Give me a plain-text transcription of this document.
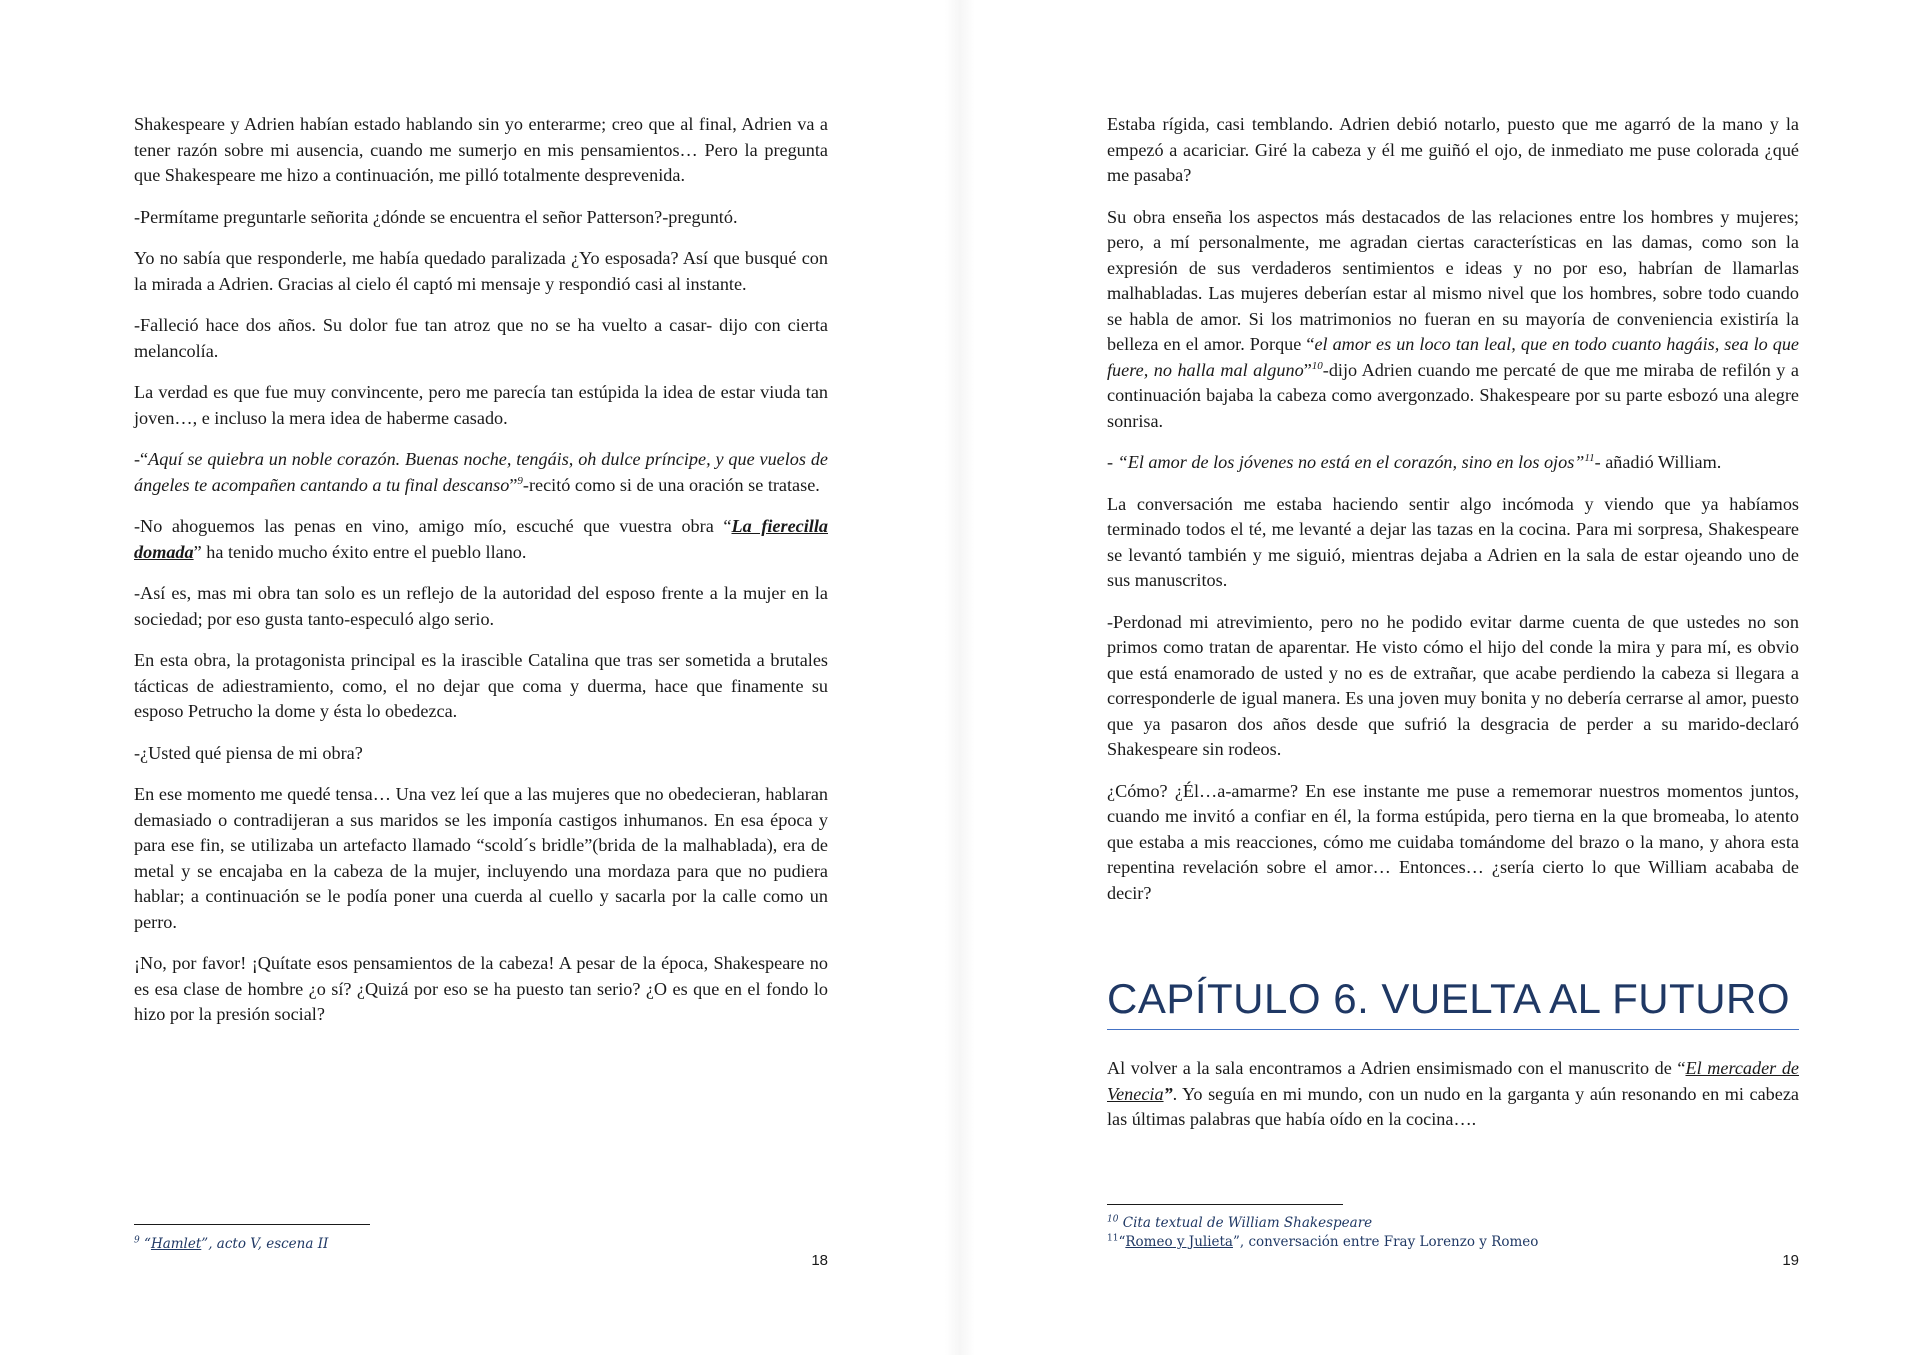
Shakespeare y Adrien habían estado hablando sin yo enterarme; creo que al final, Adrien va a tener razón sobre mi ausencia, cuando me sumerjo en mis pensamientos… Pero la pregunta que Shakespeare me hizo a continuación, me pilló totalmente desprevenida.

-Permítame preguntarle señorita ¿dónde se encuentra el señor Patterson?-preguntó.

Yo no sabía que responderle, me había quedado paralizada ¿Yo esposada? Así que busqué con la mirada a Adrien. Gracias al cielo él captó mi mensaje y respondió casi al instante.

-Falleció hace dos años. Su dolor fue tan atroz que no se ha vuelto a casar- dijo con cierta melancolía.

La verdad es que fue muy convincente, pero me parecía tan estúpida la idea de estar viuda tan joven…, e incluso la mera idea de haberme casado.

-“Aquí se quiebra un noble corazón. Buenas noche, tengáis, oh dulce príncipe, y que vuelos de ángeles te acompañen cantando a tu final descanso”$^9$-recitó como si de una oración se tratase.

-No ahoguemos las penas en vino, amigo mío, escuché que vuestra obra “La fierecilla domada” ha tenido mucho éxito entre el pueblo llano.

-Así es, mas mi obra tan solo es un reflejo de la autoridad del esposo frente a la mujer en la sociedad; por eso gusta tanto-especuló algo serio.

En esta obra, la protagonista principal es la irascible Catalina que tras ser sometida a brutales tácticas de adiestramiento, como, el no dejar que coma y duerma, hace que finamente su esposo Petrucho la dome y ésta lo obedezca.

-¿Usted qué piensa de mi obra?

En ese momento me quedé tensa… Una vez leí que a las mujeres que no obedecieran, hablaran demasiado o contradijeran a sus maridos se les imponía castigos inhumanos. En esa época y para ese fin, se utilizaba un artefacto llamado “scold´s bridle”(brida de la malhablada), era de metal y se encajaba en la cabeza de la mujer, incluyendo una mordaza para que no pudiera hablar; a continuación se le podía poner una cuerda al cuello y sacarla por la calle como un perro.

¡No, por favor! ¡Quítate esos pensamientos de la cabeza! A pesar de la época, Shakespeare no es esa clase de hombre ¿o sí? ¿Quizá por eso se ha puesto tan serio? ¿O es que en el fondo lo hizo por la presión social?

$^9$ “Hamlet”, acto V, escena II
18

Estaba rígida, casi temblando. Adrien debió notarlo, puesto que me agarró de la mano y la empezó a acariciar. Giré la cabeza y él me guiñó el ojo, de inmediato me puse colorada ¿qué me pasaba?

Su obra enseña los aspectos más destacados de las relaciones entre los hombres y mujeres; pero, a mí personalmente, me agradan ciertas características en las damas, como son la expresión de sus verdaderos sentimientos e ideas y no por eso, habrían de llamarlas malhabladas. Las mujeres deberían estar al mismo nivel que los hombres, sobre todo cuando se habla de amor. Si los matrimonios no fueran en su mayoría de conveniencia existiría la belleza en el amor. Porque “el amor es un loco tan leal, que en todo cuanto hagáis, sea lo que fuere, no halla mal alguno”$^{10}$-dijo Adrien cuando me percaté de que me miraba de refilón y a continuación bajaba la cabeza como avergonzado. Shakespeare por su parte esbozó una alegre sonrisa.

- “El amor de los jóvenes no está en el corazón, sino en los ojos”$^{11}$- añadió William.

La conversación me estaba haciendo sentir algo incómoda y viendo que ya habíamos terminado todos el té, me levanté a dejar las tazas en la cocina. Para mi sorpresa, Shakespeare se levantó también y me siguió, mientras dejaba a Adrien en la sala de estar ojeando uno de sus manuscritos.

-Perdonad mi atrevimiento, pero no he podido evitar darme cuenta de que ustedes no son primos como tratan de aparentar. He visto cómo el hijo del conde la mira y para mí, es obvio que está enamorado de usted y no es de extrañar, que acabe perdiendo la cabeza si llegara a corresponderle de igual manera. Es una joven muy bonita y no debería cerrarse al amor, puesto que ya pasaron dos años desde que sufrió la desgracia de perder a su marido-declaró Shakespeare sin rodeos.

¿Cómo? ¿Él…a-amarme? En ese instante me puse a rememorar nuestros momentos juntos, cuando me invitó a confiar en él, la forma estúpida, pero tierna en la que bromeaba, lo atento que estaba a mis reacciones, cómo me cuidaba tomándome del brazo o la mano, y ahora esta repentina revelación sobre el amor… Entonces… ¿sería cierto lo que William acababa de decir?

CAPÍTULO 6. VUELTA AL FUTURO

Al volver a la sala encontramos a Adrien ensimismado con el manuscrito de “El mercader de Venecia”. Yo seguía en mi mundo, con un nudo en la garganta y aún resonando en mi cabeza las últimas palabras que había oído en la cocina….

$^{10}$ Cita textual de William Shakespeare
$^{11}$“Romeo y Julieta”, conversación entre Fray Lorenzo y Romeo
19
